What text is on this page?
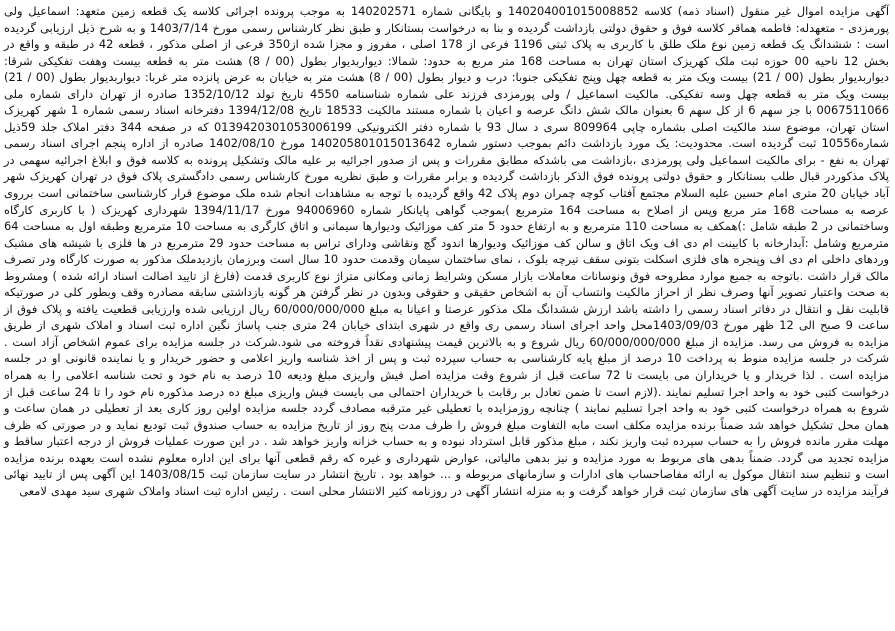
آگهی مزایده اموال غیر منقول (اسناد ذمه) کلاسه 140204001015008852 و بایگانی شماره 140202571 به موجب پرونده اجرائی کلاسه یک قطعه زمین متعهد: اسماعیل ولی پورمزدی - متعهدله: فاطمه هماقر کلاسه فوق و حقوق دولتی بازداشت گردیده و بنا به درخواست بستانکار و طبق نظر کارشناس رسمی مورخ 1403/7/14 و به شرح ذیل ارزیابی گردیده است : ششدانگ یک قطعه زمین نوع ملک طلق با کاربری به پلاک ثبتی 1196 فرعی از 178 اصلی ، مفروز و مجزا شده از350 فرعی از اصلی مذکور ، قطعه 42 در طبقه و واقع در بخش 12 ناحیه 00 حوزه ثبت ملک کهریزک استان تهران به مساحت 168 متر مربع به حدود: شمالا: دیواربدیوار بطول (00 / 8) هشت متر به قطعه بیست وهفت تفکیکی شرقا: دیواربدیوار بطول (00 / 21) بیست ویک متر به قطعه چهل وپنج تفکیکی جنوبا: درب و دیوار بطول (00 / 8) هشت متر به خیابان به عرض پانزده متر غربا: دیواربدیوار بطول (00 / 21) بیست ویک متر به قطعه چهل وسه تفکیکی. مالکیت اسماعیل / ولی پورمزدی فرزند علی شماره شناسنامه 4550 تاریخ تولد 1352/10/12 صادره از تهران دارای شماره ملی 0067511066 با جز سهم 6 از کل سهم 6 بعنوان مالک شش دانگ عرصه و اعیان با شماره مستند مالکیت 18533 تاریخ 1394/12/08 دفترخانه اسناد رسمی شماره 1 شهر کهریزک استان تهران، موضوع سند مالکیت اصلی بشماره چاپی 809964 سری د سال 93 با شماره دفتر الکترونیکی 0139420301053006199 که در صفحه 344 دفتر املاک جلد 59ذیل شماره10556 ثبت گردیده است. محدودیت: یک مورد بازداشت دائم بموجب دستور شماره 140205801015013642 مورخ 1402/08/10 صادره از اداره پنجم اجرای اسناد رسمی تهران به نفع - برای مالکیت اسماعیل ولی پورمزدی ،بازداشت می باشدکه مطابق مقررات و پس از صدور اجرائیه بر علیه مالک وتشکیل پرونده به کلاسه فوق و ابلاغ اجرائیه سهمی در پلاک مذکوردر قبال طلب بستانکار و حقوق دولتی پرونده فوق الذکر بازداشت گردیده و برابر مقررات و طبق نظریه مورخ کارشناس رسمی دادگستری پلاک فوق در تهران کهریزک شهر آباد خیابان 20 متری امام حسین علیه السلام مجتمع آفتاب کوچه چمران دوم پلاک 42 واقع گردیده با توجه به مشاهدات انجام شده ملک موضوع قرار کارشناسی ساختمانی است برروی عرصه به مساحت 168 متر مربع وپس از اصلاح به مساحت 164 مترمربع )بموجب گواهی پایانکار شماره 94006960 مورخ 1394/11/17 شهرداری کهریزک ( با کاربری کارگاه وساختمانی در 2 طبقه شامل :)همکف به مساحت 110 مترمربع و به ارتفاع حدود 5 متر کف موزائیک ودیوارها سیمانی و اتاق کارگری به مساحت 10 مترمربع وطبقه اول به مساحت 64 مترمربع وشامل :آبدارخانه با کابینت ام دی اف ویک اتاق و سالن کف موزائیک ودیوارها اندود گچ ونقاشی ودارای تراس به مساحت حدود 29 مترمربع در ها فلزی با شیشه های مشبک وردهای داخلی ام دی اف وپنجره های فلزی اسکلت بتونی سقف تیرچه بلوک ، نمای ساختمان سیمان وقدمت حدود 10 سال است وبرزمان بازدیدملک مذکور به صورت کارگاه ودر تصرف مالک قرار داشت .باتوجه به جمیع موارد مطروحه فوق ونوسانات معاملات بازار مسکن وشرایط زمانی ومکانی متراژ نوع کاربری قدمت (فارغ از تایید اصالت اسناد ارائه شده ) ومشروط به صحت واعتبار تصویر آنها وصرف نظر از احراز مالکیت وانتساب آن به اشخاص حقیقی و حقوقی وبدون در نظر گرفتن هر گونه بازداشتی سابقه مصادره وقف وبطور کلی در صورتیکه قابلیت نقل و انتقال در دفاتر اسناد رسمی را داشته باشد ارزش ششدانگ ملک مذکور عرصتا و اعیانا به مبلغ 60/000/000/000 ریال ارزیابی شده وارزیابی قطعیت یافته و پلاک فوق از ساعت 9 صبح الی 12 ظهر مورخ 1403/09/03محل واحد اجرای اسناد رسمی ری واقع در شهری ابتدای خیابان 24 متری جنب پاساژ نگین اداره ثبت اسناد و املاک شهری از طریق مزایده به فروش می رسد. مزایده از مبلغ 60/000/000/000 ریال شروع و به بالاترین قیمت پیشنهادی نقداً فروخته می شود.شرکت در جلسه مزایده برای عموم اشخاص آزاد است . شرکت در جلسه مزایده منوط به پرداخت 10 درصد از مبلغ پایه کارشناسی به حساب سپرده ثبت و پس از اخذ شناسه واریز اعلامی و حضور خریدار و یا نماینده قانونی او در جلسه مزایده است . لذا خریدار و یا خریداران می بایست تا 72 ساعت قبل از شروع وقت مزایده اصل فیش واریزی مبلغ ودیعه 10 درصد به نام خود و تحت شناسه اعلامی را به همراه درخواست کتبی خود به واحد اجرا تسلیم نمایند .(لازم است تا ضمن تعادل بر رقابت با خریداران احتمالی می بایست فیش واریزی مبلغ ده درصد مذکوره نام خود را تا 24 ساعت قبل از شروع به همراه درخواست کتبی خود به واحد اجرا تسلیم نمایند ) چنانچه روزمزایده با تعطیلی غیر مترقبه مصادف گردد جلسه مزایده اولین روز کاری بعد از تعطیلی در همان ساعت و همان محل تشکیل خواهد شد ضمناً برنده مزایده مکلف است مابه التفاوت مبلغ فروش را ظرف مدت پنج روز از تاریخ مزایده به حساب صندوق ثبت تودیع نماید و در صورتی که ظرف مهلت مقرر مانده فروش را به حساب سپرده ثبت واریز نکند ، مبلغ مذکور قابل استرداد نبوده و به حساب خزانه واریز خواهد شد . در این صورت عملیات فروش از درجه اعتبار ساقط و مزایده تجدید می گردد. ضمناً بدهی های مربوط به مورد مزایده و نیز بدهی مالیاتی، عوارض شهرداری و غیره که رقم قطعی آنها برای این اداره معلوم نشده است بعهده برنده مزایده است و تنظیم سند انتقال موکول به ارائه مفاصاحساب های ادارات و سازمانهای مربوطه و ... خواهد بود . تاریخ انتشار در سایت سازمان ثبت 1403/08/15 این آگهی پس از تایید نهائی فرآیند مزایده در سایت آگهی های سازمان ثبت قرار خواهد گرفت و به منزله انتشار آگهی در روزنامه کثیر الانتشار محلی است . رئیس اداره ثبت اسناد واملاک شهری سید مهدی لامعی
